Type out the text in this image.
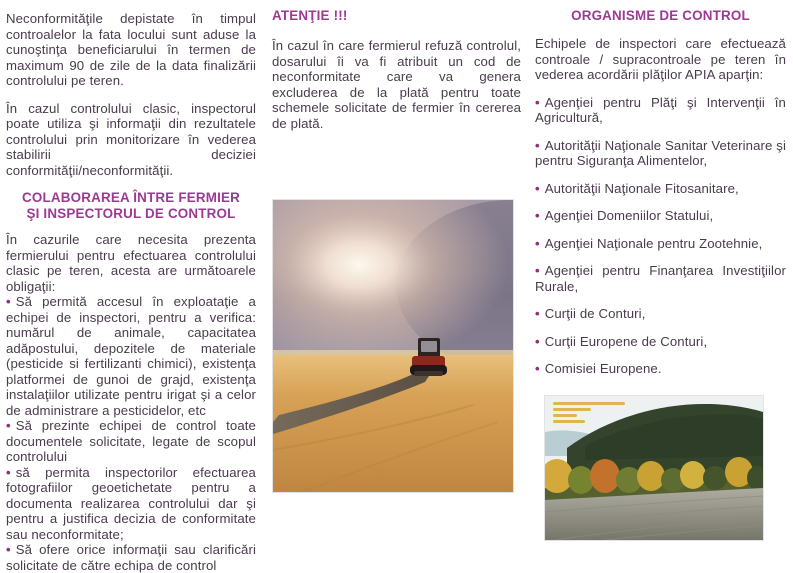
Neconformităţile depistate în timpul controalelor la fata locului sunt aduse la cunoştinţa beneficiarului în termen de maximum 90 de zile de la data finalizării controlului pe teren.

În cazul controlului clasic, inspectorul poate utiliza şi informaţii din rezultatele controlului prin monitorizare în vederea stabilirii deciziei conformităţii/neconformităţii.

COLABORAREA ÎNTRE FERMIER ŞI INSPECTORUL DE CONTROL

În cazurile care necesita prezenta fermierului pentru efectuarea controlului clasic pe teren, acesta are următoarele obligaţii:

• Să permită accesul în exploataţie a echipei de inspectori, pentru a verifica: numărul de animale, capacitatea adăpostului, depozitele de materiale (pesticide si fertilizanti chimici), existenţa platformei de gunoi de grajd, existenţa instalaţiilor utilizate pentru irigat şi a celor de administrare a pesticidelor, etc

• Să prezinte echipei de control toate documentele solicitate, legate de scopul controlului

• să permita inspectorilor efectuarea fotografiilor geoetichetate pentru a documenta realizarea controlului dar şi pentru a justifica decizia de conformitate sau neconformitate;

• Să ofere orice informaţii sau clarificări solicitate de către echipa de control

ATENŢIE !!!

În cazul în care fermierul refuză controlul, dosarului îi va fi atribuit un cod de neconformitate care va genera excluderea de la plată pentru toate schemele solicitate de fermier în cererea de plată.

ORGANISME DE CONTROL

Echipele de inspectori care efectuează controale / supracontroale pe teren în vederea acordării plăţilor APIA aparţin:

• Agenţiei pentru Plăţi şi Intervenţii în Agricultură,

• Autorităţii Naţionale Sanitar Veterinare şi pentru Siguranţa Alimentelor,

• Autorităţii Naţionale Fitosanitare,

• Agenţiei Domeniilor Statului,

• Agenţiei Naţionale pentru Zootehnie,

• Agenţiei pentru Finanţarea Investiţiilor Rurale,

• Curţii de Conturi,

• Curţii Europene de Conturi,

• Comisiei Europene.
